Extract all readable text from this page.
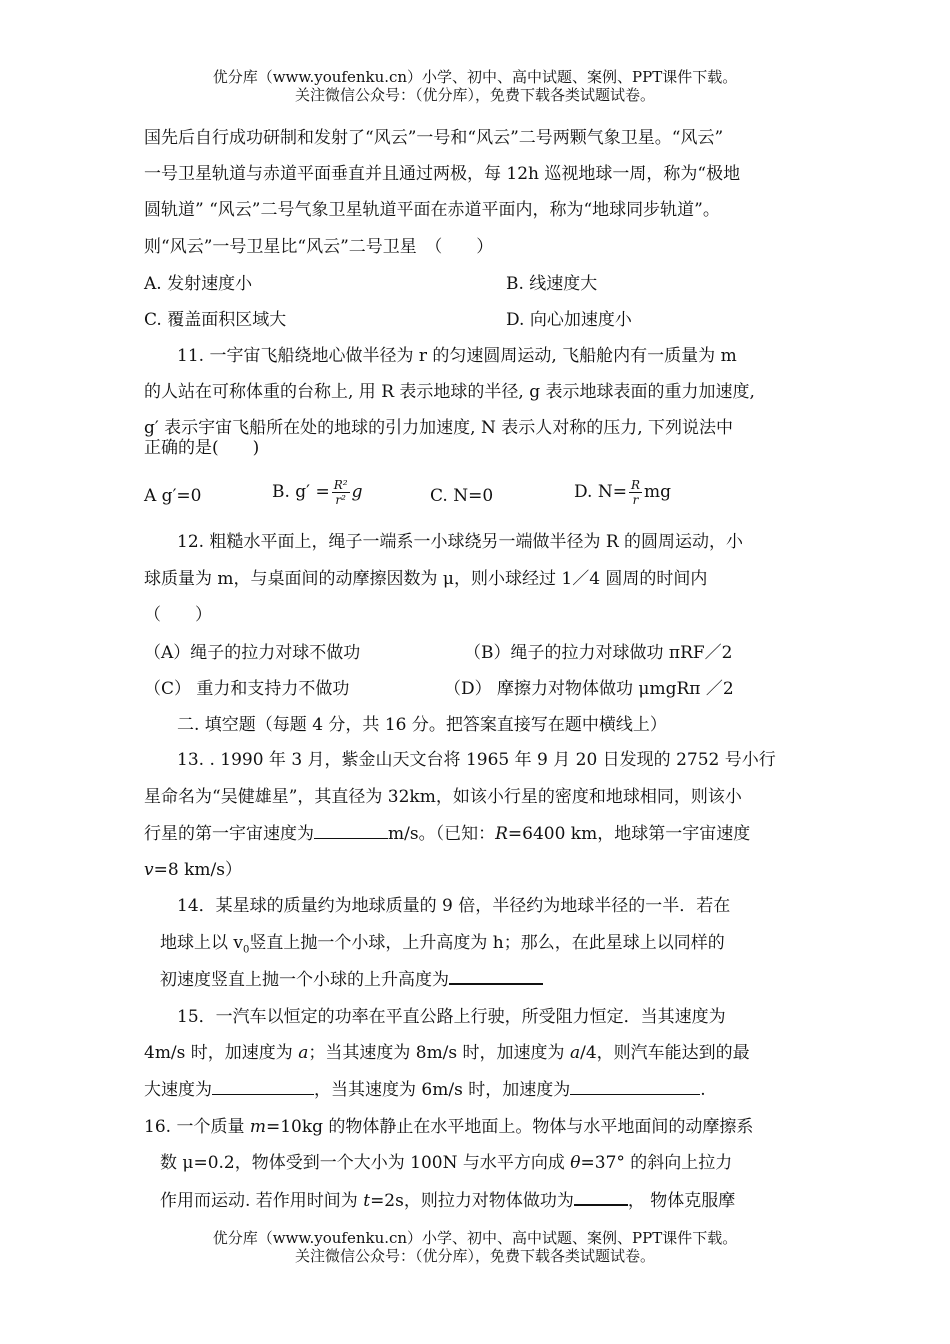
优分库（www.youfenku.cn）小学、初中、高中试题、案例、PPT课件下载。
关注微信公众号：（优分库），免费下载各类试题试卷。
国先后自行成功研制和发射了“风云”一号和“风云”二号两颗气象卫星。“风云”
一号卫星轨道与赤道平面垂直并且通过两极，每 12h 巡视地球一周，称为“极地
圆轨道” “风云”二号气象卫星轨道平面在赤道平面内，称为“地球同步轨道”。
则“风云”一号卫星比“风云”二号卫星　（　　）
A. 发射速度小	B. 线速度大
C. 覆盖面积区域大	D. 向心加速度小
11. 一宇宙飞船绕地心做半径为 r 的匀速圆周运动, 飞船舱内有一质量为 m
的人站在可称体重的台称上, 用 R 表示地球的半径, g 表示地球表面的重力加速度,
g′ 表示宇宙飞船所在处的地球的引力加速度, N 表示人对称的压力, 下列说法中
正确的是(　　)
A g′=0	B. $g' = \frac{\text{R²}}{\text{r²}}$ g	C. N=0	D. $N= \frac{R}{r}$ mg
12. 粗糙水平面上，绳子一端系一小球绕另一端做半径为 R 的圆周运动，小
球质量为 m，与桌面间的动摩擦因数为 μ，则小球经过 1／4 圆周的时间内
（　　）
（A）绳子的拉力对球不做功	（B）绳子的拉力对球做功 πRF／2
（C） 重力和支持力不做功	（D） 摩擦力对物体做功 μmgRπ ／2
二. 填空题（每题 4 分，共 16 分。把答案直接写在题中横线上）
13. . 1990 年 3 月，紫金山天文台将 1965 年 9 月 20 日发现的 2752 号小行
星命名为“吴健雄星”，其直径为 32km，如该小行星的密度和地球相同，则该小
行星的第一宇宙速度为	m/s。（已知：R=6400 km，地球第一宇宙速度
v=8 km/s）
14．某星球的质量约为地球质量的 9 倍，半径约为地球半径的一半．若在
地球上以 $v_0$竖直上抛一个小球，上升高度为 h；那么，在此星球上以同样的
初速度竖直上抛一个小球的上升高度为
15．一汽车以恒定的功率在平直公路上行驶，所受阻力恒定．当其速度为
4m/s 时，加速度为 a；当其速度为 8m/s 时，加速度为 a/4，则汽车能达到的最
大速度为	，当其速度为 6m/s 时，加速度为	.
16. 一个质量 m=10kg 的物体静止在水平地面上。物体与水平地面间的动摩擦系
数 μ=0.2，物体受到一个大小为 100N 与水平方向成 θ=37° 的斜向上拉力
作用而运动. 若作用时间为 t=2s，则拉力对物体做功为	， 物体克服摩
优分库（www.youfenku.cn）小学、初中、高中试题、案例、PPT课件下载。
关注微信公众号：（优分库），免费下载各类试题试卷。
